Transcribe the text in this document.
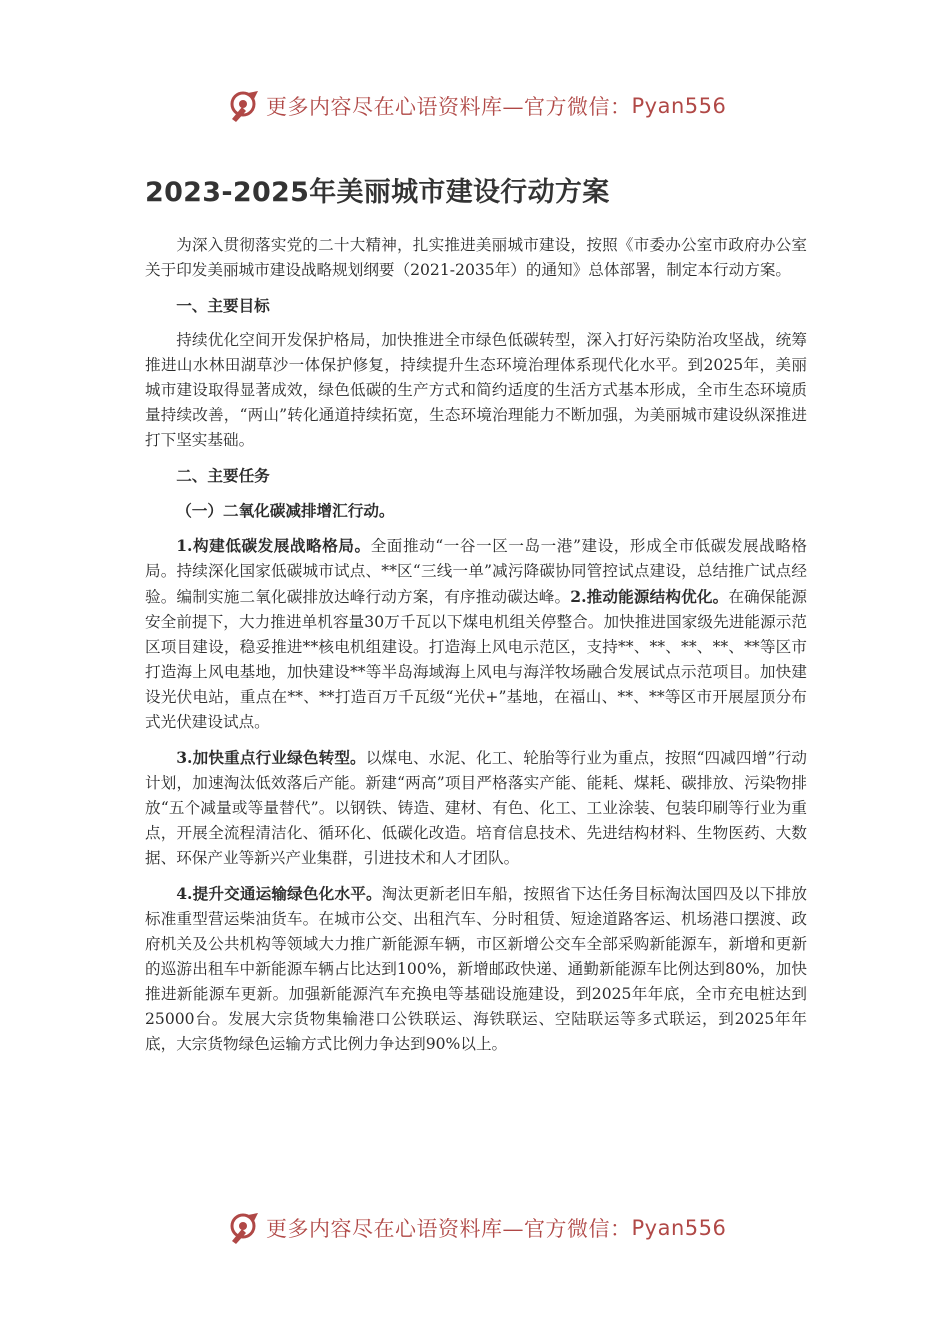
更多内容尽在心语资料库—官方微信： Pyan556
2023-2025年美丽城市建设行动方案

为深入贯彻落实党的二十大精神，扎实推进美丽城市建设，按照《市委办公室市政府办公室关于印发美丽城市建设战略规划纲要（2021-2035年）的通知》总体部署，制定本行动方案。

一、主要目标

持续优化空间开发保护格局，加快推进全市绿色低碳转型，深入打好污染防治攻坚战，统筹推进山水林田湖草沙一体保护修复，持续提升生态环境治理体系现代化水平。到2025年，美丽城市建设取得显著成效，绿色低碳的生产方式和简约适度的生活方式基本形成，全市生态环境质量持续改善，“两山”转化通道持续拓宽，生态环境治理能力不断加强，为美丽城市建设纵深推进打下坚实基础。

二、主要任务
（一）二氧化碳减排增汇行动。

1.构建低碳发展战略格局。全面推动“一谷一区一岛一港”建设，形成全市低碳发展战略格局。持续深化国家低碳城市试点、**区“三线一单”减污降碳协同管控试点建设，总结推广试点经验。编制实施二氧化碳排放达峰行动方案，有序推动碳达峰。2.推动能源结构优化。在确保能源安全前提下，大力推进单机容量30万千瓦以下煤电机组关停整合。加快推进国家级先进能源示范区项目建设，稳妥推进**核电机组建设。打造海上风电示范区，支持**、**、**、**、**等区市打造海上风电基地，加快建设**等半岛海域海上风电与海洋牧场融合发展试点示范项目。加快建设光伏电站，重点在**、**打造百万千瓦级“光伏+”基地，在福山、**、**等区市开展屋顶分布式光伏建设试点。

3.加快重点行业绿色转型。以煤电、水泥、化工、轮胎等行业为重点，按照“四减四增”行动计划，加速淘汰低效落后产能。新建“两高”项目严格落实产能、能耗、煤耗、碳排放、污染物排放“五个减量或等量替代”。以钢铁、铸造、建材、有色、化工、工业涂装、包装印刷等行业为重点，开展全流程清洁化、循环化、低碳化改造。培育信息技术、先进结构材料、生物医药、大数据、环保产业等新兴产业集群，引进技术和人才团队。

4.提升交通运输绿色化水平。淘汰更新老旧车船，按照省下达任务目标淘汰国四及以下排放标准重型营运柴油货车。在城市公交、出租汽车、分时租赁、短途道路客运、机场港口摆渡、政府机关及公共机构等领域大力推广新能源车辆，市区新增公交车全部采购新能源车，新增和更新的巡游出租车中新能源车辆占比达到100%，新增邮政快递、通勤新能源车比例达到80%，加快推进新能源车更新。加强新能源汽车充换电等基础设施建设，到2025年年底，全市充电桩达到25000台。发展大宗货物集输港口公铁联运、海铁联运、空陆联运等多式联运，到2025年年底，大宗货物绿色运输方式比例力争达到90%以上。

更多内容尽在心语资料库—官方微信： Pyan556
